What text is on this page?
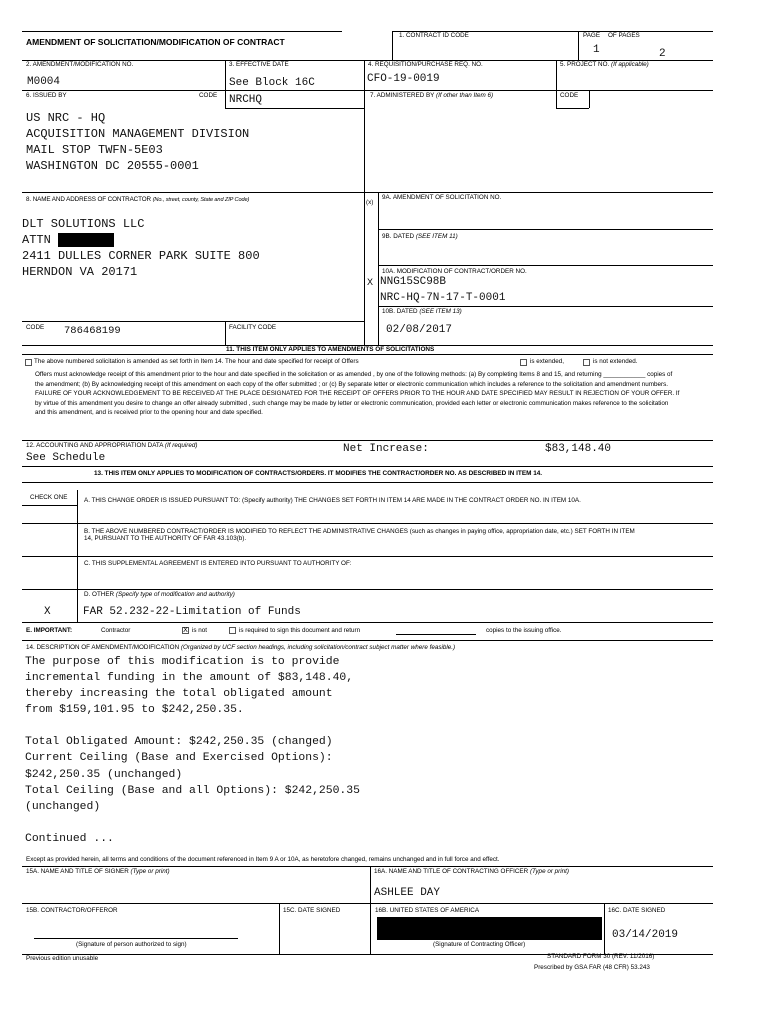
AMENDMENT OF SOLICITATION/MODIFICATION OF CONTRACT
1. CONTRACT ID CODE	PAGE OF PAGES
1	2
2. AMENDMENT/MODIFICATION NO.
M0004
3. EFFECTIVE DATE
See Block 16C
4. REQUISITION/PURCHASE REQ. NO.
CFO-19-0019
5. PROJECT NO. (If applicable)
6. ISSUED BY	CODE NRCHQ	7. ADMINISTERED BY (If other than Item 6)	CODE
US NRC - HQ
ACQUISITION MANAGEMENT DIVISION
MAIL STOP TWFN-5E03
WASHINGTON DC 20555-0001
8. NAME AND ADDRESS OF CONTRACTOR (No., street, county, State and ZIP Code)	(x)
9A. AMENDMENT OF SOLICITATION NO.
9B. DATED (SEE ITEM 11)
DLT SOLUTIONS LLC
ATTN
2411 DULLES CORNER PARK SUITE 800
HERNDON VA 20171	10A. MODIFICATION OF CONTRACT/ORDER NO.
X NNG15SC98B
NRC-HQ-7N-17-T-0001
10B. DATED (SEE ITEM 13)
02/08/2017
CODE 786468199	FACILITY CODE
11. THIS ITEM ONLY APPLIES TO AMENDMENTS OF SOLICITATIONS
The above numbered solicitation is amended as set forth in Item 14. The hour and date specified for receipt of Offers	is extended,	is not extended.
Offers must acknowledge receipt of this amendment prior to the hour and date specified in the solicitation or as amended , by one of the following methods: (a) By completing Items 8 and 15, and returning ____________ copies of the amendment; (b) By acknowledging receipt of this amendment on each copy of the offer submitted ; or (c) By separate letter or electronic communication which includes a reference to the solicitation and amendment numbers. FAILURE OF YOUR ACKNOWLEDGEMENT TO BE RECEIVED AT THE PLACE DESIGNATED FOR THE RECEIPT OF OFFERS PRIOR TO THE HOUR AND DATE SPECIFIED MAY RESULT IN REJECTION OF YOUR OFFER. If by virtue of this amendment you desire to change an offer already submitted , such change may be made by letter or electronic communication, provided each letter or electronic communication makes reference to the solicitation and this amendment, and is received prior to the opening hour and date specified.
12. ACCOUNTING AND APPROPRIATION DATA (If required)
See Schedule
Net Increase:	$83,148.40
13. THIS ITEM ONLY APPLIES TO MODIFICATION OF CONTRACTS/ORDERS. IT MODIFIES THE CONTRACT/ORDER NO. AS DESCRIBED IN ITEM 14.
CHECK ONE	A. THIS CHANGE ORDER IS ISSUED PURSUANT TO: (Specify authority) THE CHANGES SET FORTH IN ITEM 14 ARE MADE IN THE CONTRACT ORDER NO. IN ITEM 10A.
B. THE ABOVE NUMBERED CONTRACT/ORDER IS MODIFIED TO REFLECT THE ADMINISTRATIVE CHANGES (such as changes in paying office, appropriation date, etc.) SET FORTH IN ITEM 14, PURSUANT TO THE AUTHORITY OF FAR 43.103(b).
C. THIS SUPPLEMENTAL AGREEMENT IS ENTERED INTO PURSUANT TO AUTHORITY OF:
D. OTHER (Specify type of modification and authority)
X	FAR 52.232-22-Limitation of Funds
E. IMPORTANT:	Contractor	X is not	is required to sign this document and return	copies to the issuing office.
14. DESCRIPTION OF AMENDMENT/MODIFICATION (Organized by UCF section headings, including solicitation/contract subject matter where feasible.)
The purpose of this modification is to provide
incremental funding in the amount of $83,148.40,
thereby increasing the total obligated amount
from $159,101.95 to $242,250.35.
Total Obligated Amount: $242,250.35 (changed)
Current Ceiling (Base and Exercised Options):
$242,250.35 (unchanged)
Total Ceiling (Base and all Options): $242,250.35
(unchanged)
Continued ...
Except as provided herein, all terms and conditions of the document referenced in Item 9 A or 10A, as heretofore changed, remains unchanged and in full force and effect.
15A. NAME AND TITLE OF SIGNER (Type or print)	16A. NAME AND TITLE OF CONTRACTING OFFICER (Type or print)
ASHLEE DAY
15B. CONTRACTOR/OFFEROR	15C. DATE SIGNED	16B. UNITED STATES OF AMERICA	16C. DATE SIGNED
(Signature of person authorized to sign)	(Signature of Contracting Officer)
03/14/2019
Previous edition unusable	STANDARD FORM 30 (REV. 11/2016)
Prescribed by GSA FAR (48 CFR) 53.243
